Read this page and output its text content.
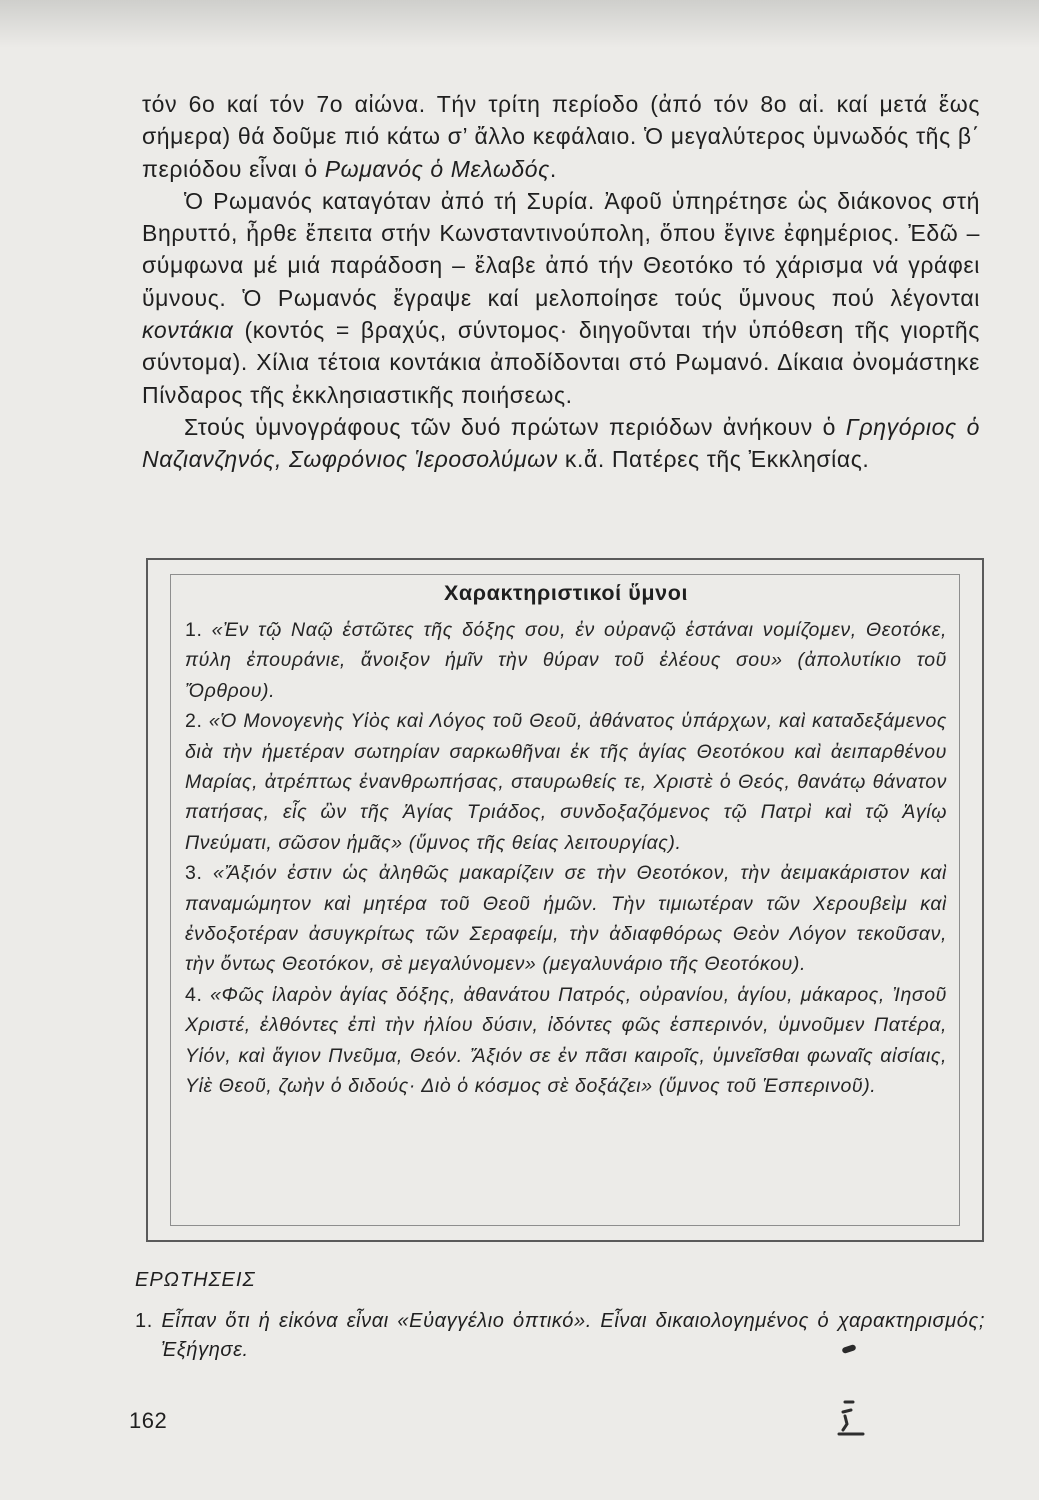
τόν 6ο καί τόν 7ο αἰώνα. Τήν τρίτη περίοδο (ἀπό τόν 8ο αἰ. καί μετά ἕως σήμερα) θά δοῦμε πιό κάτω σ’ ἄλλο κεφάλαιο. Ὁ μεγαλύτερος ὑμνωδός τῆς β΄ περιόδου εἶναι ὁ Ρωμανός ὁ Μελωδός.

Ὁ Ρωμανός καταγόταν ἀπό τή Συρία. Ἀφοῦ ὑπηρέτησε ὡς διάκονος στή Βηρυττό, ἦρθε ἔπειτα στήν Κωνσταντινούπολη, ὅπου ἔγινε ἐφημέριος. Ἐδῶ – σύμφωνα μέ μιά παράδοση – ἔλαβε ἀπό τήν Θεοτόκο τό χάρισμα νά γράφει ὕμνους. Ὁ Ρωμανός ἔγραψε καί μελοποίησε τούς ὕμνους πού λέγονται κοντάκια (κοντός = βραχύς, σύντομος· διηγοῦνται τήν ὑπόθεση τῆς γιορτῆς σύντομα). Χίλια τέτοια κοντάκια ἀποδίδονται στό Ρωμανό. Δίκαια ὀνομάστηκε Πίνδαρος τῆς ἐκκλησιαστικῆς ποιήσεως.

Στούς ὑμνογράφους τῶν δυό πρώτων περιόδων ἀνήκουν ὁ Γρηγόριος ὁ Ναζιανζηνός, Σωφρόνιος Ἱεροσολύμων κ.ἄ. Πατέρες τῆς Ἐκκλησίας.

Χαρακτηριστικοί ὕμνοι

1. «Ἐν τῷ Ναῷ ἑστῶτες τῆς δόξης σου, ἐν οὐρανῷ ἑστάναι νομίζομεν, Θεοτόκε, πύλη ἐπουράνιε, ἄνοιξον ἡμῖν τὴν θύραν τοῦ ἐλέους σου» (ἀπολυτίκιο τοῦ Ὄρθρου).

2. «Ὁ Μονογενὴς Υἱὸς καὶ Λόγος τοῦ Θεοῦ, ἀθάνατος ὑπάρχων, καὶ καταδεξάμενος διὰ τὴν ἡμετέραν σωτηρίαν σαρκωθῆναι ἐκ τῆς ἁγίας Θεοτόκου καὶ ἀειπαρθένου Μαρίας, ἀτρέπτως ἐνανθρωπήσας, σταυρωθείς τε, Χριστὲ ὁ Θεός, θανάτῳ θάνατον πατήσας, εἷς ὢν τῆς Ἁγίας Τριάδος, συνδοξαζόμενος τῷ Πατρὶ καὶ τῷ Ἁγίῳ Πνεύματι, σῶσον ἡμᾶς» (ὕμνος τῆς θείας λειτουργίας).

3. «Ἄξιόν ἐστιν ὡς ἀληθῶς μακαρίζειν σε τὴν Θεοτόκον, τὴν ἀειμακάριστον καὶ παναμώμητον καὶ μητέρα τοῦ Θεοῦ ἡμῶν. Τὴν τιμιωτέραν τῶν Χερουβεὶμ καὶ ἐνδοξοτέραν ἀσυγκρίτως τῶν Σεραφείμ, τὴν ἀδιαφθόρως Θεὸν Λόγον τεκοῦσαν, τὴν ὄντως Θεοτόκον, σὲ μεγαλύνομεν» (μεγαλυνάριο τῆς Θεοτόκου).

4. «Φῶς ἱλαρὸν ἁγίας δόξης, ἀθανάτου Πατρός, οὐρανίου, ἁγίου, μάκαρος, Ἰησοῦ Χριστέ, ἐλθόντες ἐπὶ τὴν ἡλίου δύσιν, ἰδόντες φῶς ἑσπερινόν, ὑμνοῦμεν Πατέρα, Υἱόν, καὶ ἅγιον Πνεῦμα, Θεόν. Ἄξιόν σε ἐν πᾶσι καιροῖς, ὑμνεῖσθαι φωναῖς αἰσίαις, Υἱὲ Θεοῦ, ζωὴν ὁ διδούς· Διὸ ὁ κόσμος σὲ δοξάζει» (ὕμνος τοῦ Ἑσπερινοῦ).

ΕΡΩΤΗΣΕΙΣ

1. Εἶπαν ὅτι ἡ εἰκόνα εἶναι «Εὐαγγέλιο ὀπτικό». Εἶναι δικαιολογημένος ὁ χαρακτηρισμός; Ἐξήγησε.

162
